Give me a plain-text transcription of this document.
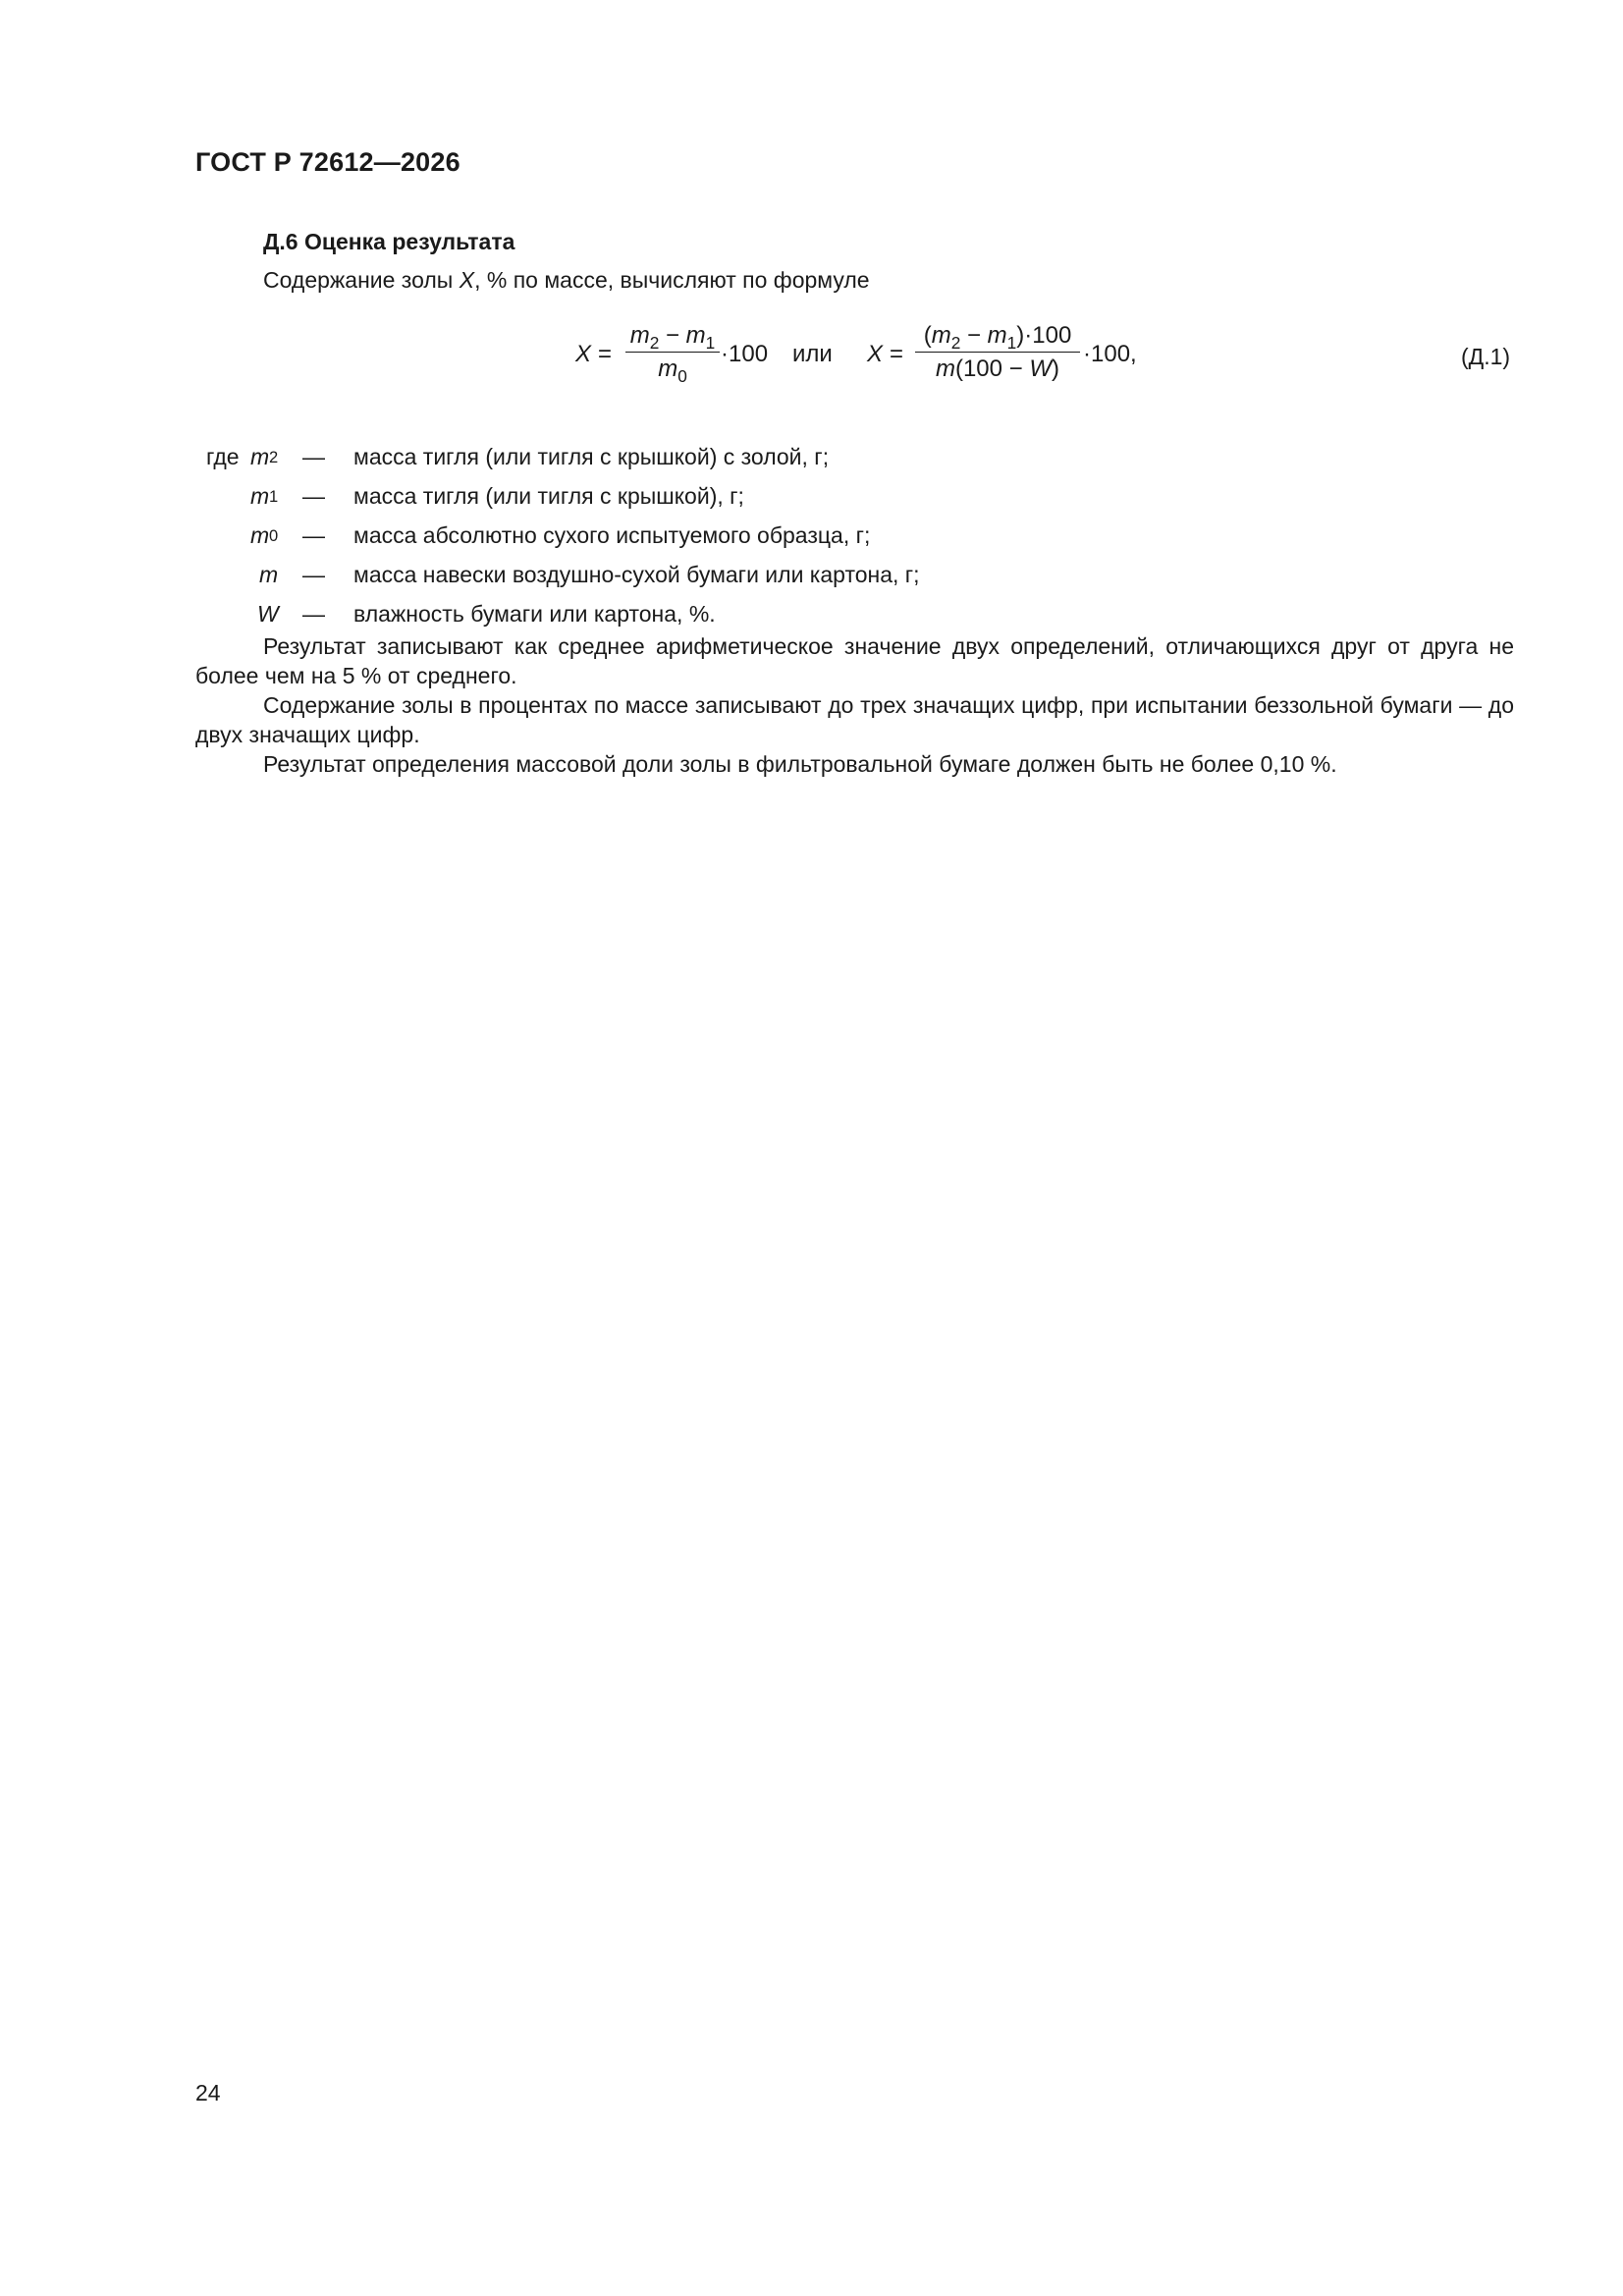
ГОСТ Р 72612—2026
Д.6 Оценка результата
Содержание золы X, % по массе, вычисляют по формуле
X =
$m_2 - m_1$
$m_0$
·100 или X =
$(m_2 - m_1)\cdot 100$
m(100 − W)
·100,	(Д.1)
где m 2 — масса тигля (или тигля с крышкой) с золой, г;
m 1 — масса тигля (или тигля с крышкой), г;
m 0 — масса абсолютно сухого испытуемого образца, г;
m — масса навески воздушно-сухой бумаги или картона, г;
W — влажность бумаги или картона, %.
Результат записывают как среднее арифметическое значение двух определений, отличающихся друг от друга не более чем на 5 % от среднего.
Содержание золы в процентах по массе записывают до трех значащих цифр, при испытании беззольной бумаги — до двух значащих цифр.
Результат определения массовой доли золы в фильтровальной бумаге должен быть не более 0,10 %.
24
